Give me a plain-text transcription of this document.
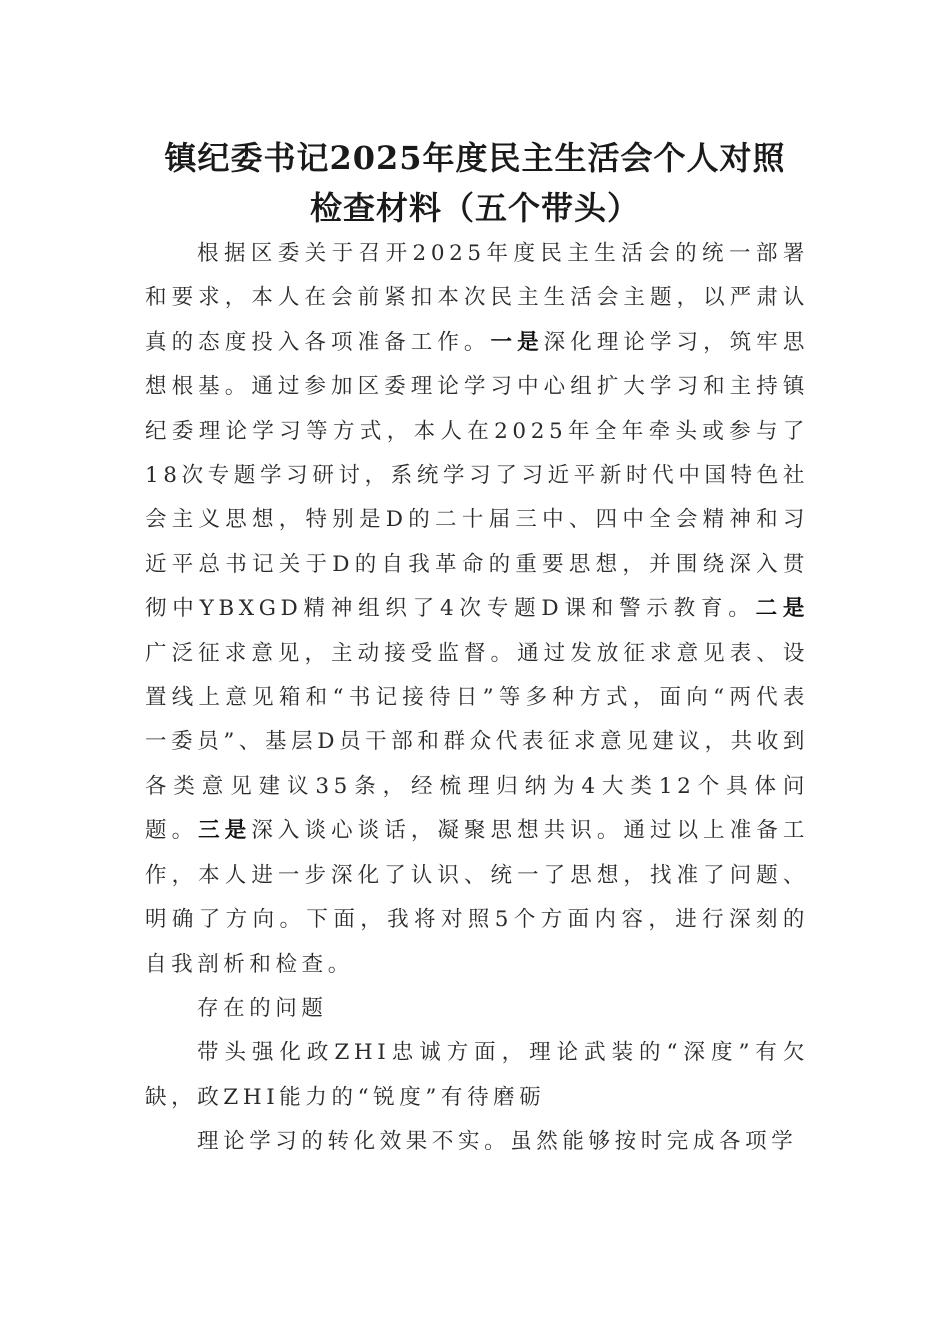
镇纪委书记2025年度民主生活会个人对照
检查材料（五个带头）

根据区委关于召开2025年度民主生活会的统一部署和要求，本人在会前紧扣本次民主生活会主题，以严肃认真的态度投入各项准备工作。一是深化理论学习，筑牢思想根基。通过参加区委理论学习中心组扩大学习和主持镇纪委理论学习等方式，本人在2025年全年牵头或参与了18次专题学习研讨，系统学习了习近平新时代中国特色社会主义思想，特别是D的二十届三中、四中全会精神和习近平总书记关于D的自我革命的重要思想，并围绕深入贯彻中YBXGD精神组织了4次专题D课和警示教育。二是广泛征求意见，主动接受监督。通过发放征求意见表、设置线上意见箱和“书记接待日”等多种方式，面向“两代表一委员”、基层D员干部和群众代表征求意见建议，共收到各类意见建议35条，经梳理归纳为4大类12个具体问题。三是深入谈心谈话，凝聚思想共识。通过以上准备工作，本人进一步深化了认识、统一了思想，找准了问题、明确了方向。下面，我将对照5个方面内容，进行深刻的自我剖析和检查。

存在的问题

带头强化政ZHI忠诚方面，理论武装的“深度”有欠缺，政ZHI能力的“锐度”有待磨砺

理论学习的转化效果不实。虽然能够按时完成各项学
